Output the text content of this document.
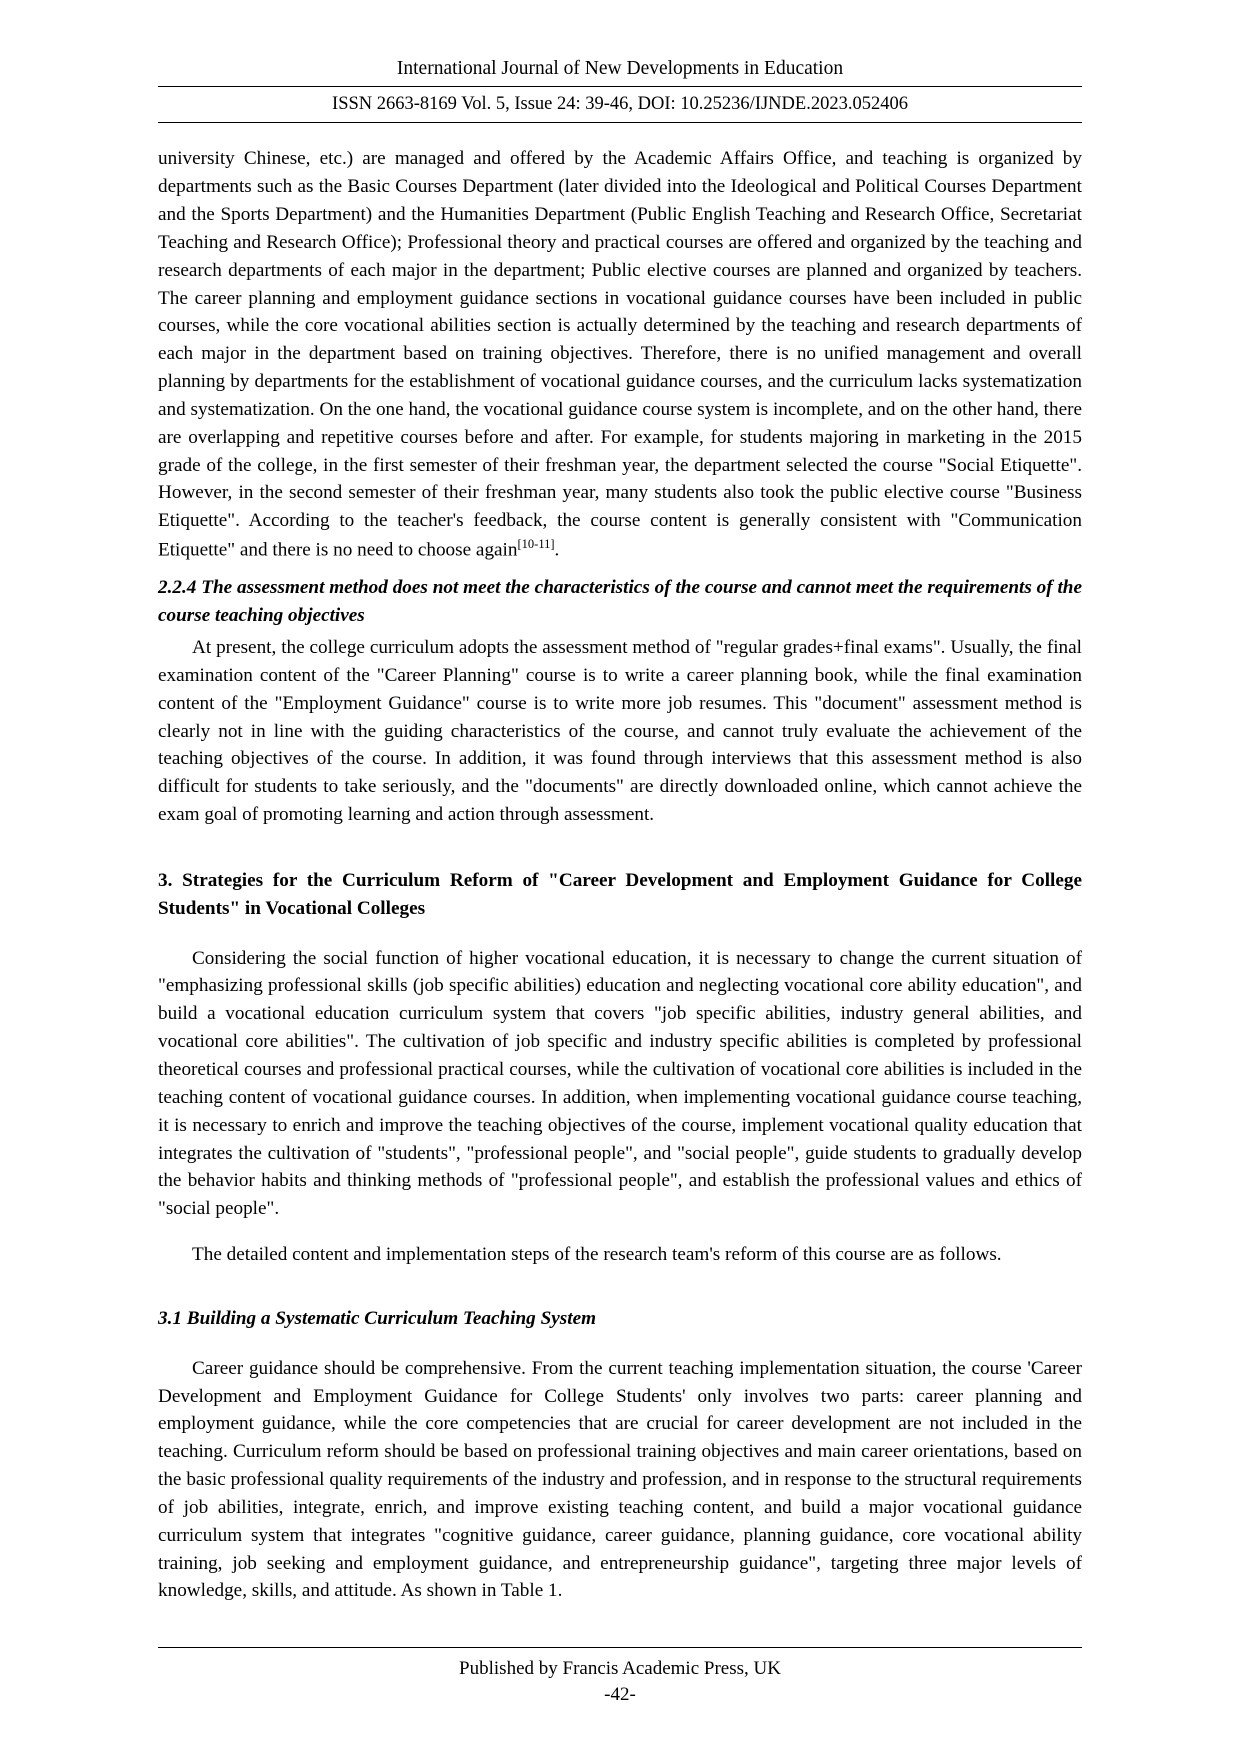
International Journal of New Developments in Education
ISSN 2663-8169 Vol. 5, Issue 24: 39-46, DOI: 10.25236/IJNDE.2023.052406

university Chinese, etc.) are managed and offered by the Academic Affairs Office, and teaching is organized by departments such as the Basic Courses Department (later divided into the Ideological and Political Courses Department and the Sports Department) and the Humanities Department (Public English Teaching and Research Office, Secretariat Teaching and Research Office); Professional theory and practical courses are offered and organized by the teaching and research departments of each major in the department; Public elective courses are planned and organized by teachers. The career planning and employment guidance sections in vocational guidance courses have been included in public courses, while the core vocational abilities section is actually determined by the teaching and research departments of each major in the department based on training objectives. Therefore, there is no unified management and overall planning by departments for the establishment of vocational guidance courses, and the curriculum lacks systematization and systematization. On the one hand, the vocational guidance course system is incomplete, and on the other hand, there are overlapping and repetitive courses before and after. For example, for students majoring in marketing in the 2015 grade of the college, in the first semester of their freshman year, the department selected the course "Social Etiquette". However, in the second semester of their freshman year, many students also took the public elective course "Business Etiquette". According to the teacher's feedback, the course content is generally consistent with "Communication Etiquette" and there is no need to choose again[10-11].

2.2.4 The assessment method does not meet the characteristics of the course and cannot meet the requirements of the course teaching objectives

At present, the college curriculum adopts the assessment method of "regular grades+final exams". Usually, the final examination content of the "Career Planning" course is to write a career planning book, while the final examination content of the "Employment Guidance" course is to write more job resumes. This "document" assessment method is clearly not in line with the guiding characteristics of the course, and cannot truly evaluate the achievement of the teaching objectives of the course. In addition, it was found through interviews that this assessment method is also difficult for students to take seriously, and the "documents" are directly downloaded online, which cannot achieve the exam goal of promoting learning and action through assessment.

3. Strategies for the Curriculum Reform of "Career Development and Employment Guidance for College Students" in Vocational Colleges

Considering the social function of higher vocational education, it is necessary to change the current situation of "emphasizing professional skills (job specific abilities) education and neglecting vocational core ability education", and build a vocational education curriculum system that covers "job specific abilities, industry general abilities, and vocational core abilities". The cultivation of job specific and industry specific abilities is completed by professional theoretical courses and professional practical courses, while the cultivation of vocational core abilities is included in the teaching content of vocational guidance courses. In addition, when implementing vocational guidance course teaching, it is necessary to enrich and improve the teaching objectives of the course, implement vocational quality education that integrates the cultivation of "students", "professional people", and "social people", guide students to gradually develop the behavior habits and thinking methods of "professional people", and establish the professional values and ethics of "social people".

The detailed content and implementation steps of the research team's reform of this course are as follows.

3.1 Building a Systematic Curriculum Teaching System

Career guidance should be comprehensive. From the current teaching implementation situation, the course 'Career Development and Employment Guidance for College Students' only involves two parts: career planning and employment guidance, while the core competencies that are crucial for career development are not included in the teaching. Curriculum reform should be based on professional training objectives and main career orientations, based on the basic professional quality requirements of the industry and profession, and in response to the structural requirements of job abilities, integrate, enrich, and improve existing teaching content, and build a major vocational guidance curriculum system that integrates "cognitive guidance, career guidance, planning guidance, core vocational ability training, job seeking and employment guidance, and entrepreneurship guidance", targeting three major levels of knowledge, skills, and attitude. As shown in Table 1.

Published by Francis Academic Press, UK
-42-
